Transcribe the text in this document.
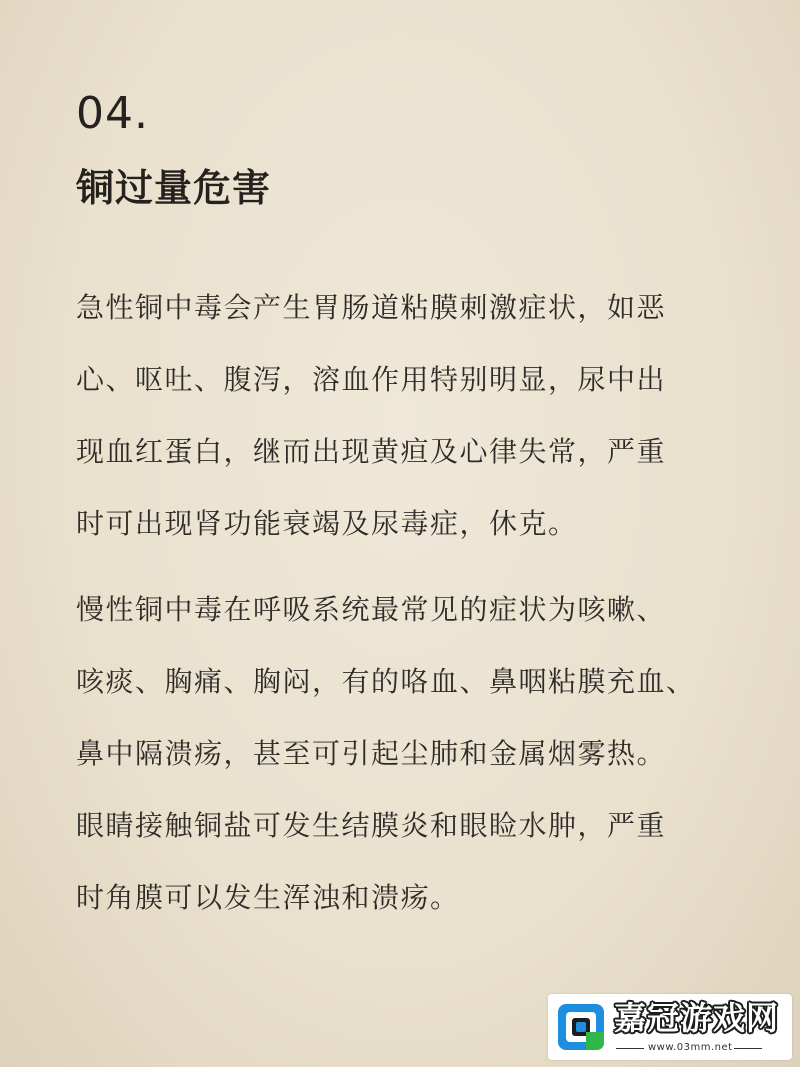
04.
铜过量危害

急性铜中毒会产生胃肠道粘膜刺激症状，如恶
心、呕吐、腹泻，溶血作用特别明显，尿中出
现血红蛋白，继而出现黄疸及心律失常，严重
时可出现肾功能衰竭及尿毒症，休克。

慢性铜中毒在呼吸系统最常见的症状为咳嗽、
咳痰、胸痛、胸闷，有的咯血、鼻咽粘膜充血、
鼻中隔溃疡，甚至可引起尘肺和金属烟雾热。
眼睛接触铜盐可发生结膜炎和眼睑水肿，严重
时角膜可以发生浑浊和溃疡。

嘉冠游戏网
www.03mm.net
